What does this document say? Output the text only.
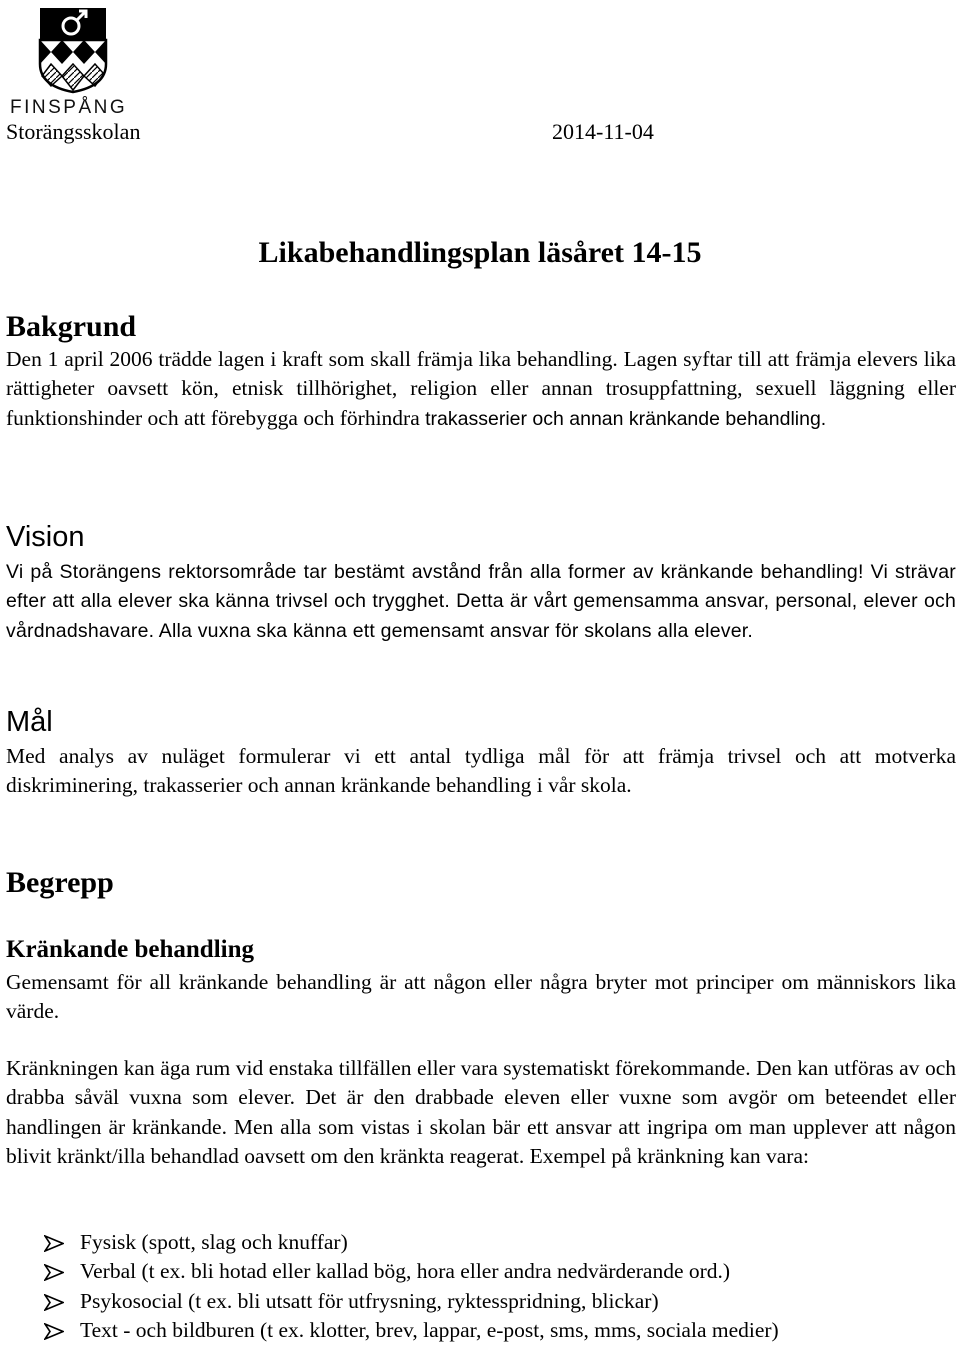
FINSPÅNG
Storängsskolan	2014-11-04
Likabehandlingsplan läsåret 14-15
Bakgrund

Den 1 april 2006 trädde lagen i kraft som skall främja lika behandling. Lagen syftar till att främja elevers lika rättigheter oavsett kön, etnisk tillhörighet, religion eller annan trosuppfattning, sexuell läggning eller funktionshinder och att förebygga och förhindra trakasserier och annan kränkande behandling.

Vision

Vi på Storängens rektorsområde tar bestämt avstånd från alla former av kränkande behandling! Vi strävar efter att alla elever ska känna trivsel och trygghet. Detta är vårt gemensamma ansvar, personal, elever och vårdnadshavare. Alla vuxna ska känna ett gemensamt ansvar för skolans alla elever.

Mål

Med analys av nuläget formulerar vi ett antal tydliga mål för att främja trivsel och att motverka diskriminering, trakasserier och annan kränkande behandling i vår skola.

Begrepp
Kränkande behandling

Gemensamt för all kränkande behandling är att någon eller några bryter mot principer om människors lika värde.

Kränkningen kan äga rum vid enstaka tillfällen eller vara systematiskt förekommande. Den kan utföras av och drabba såväl vuxna som elever. Det är den drabbade eleven eller vuxne som avgör om beteendet eller handlingen är kränkande. Men alla som vistas i skolan bär ett ansvar att ingripa om man upplever att någon blivit kränkt/illa behandlad oavsett om den kränkta reagerat. Exempel på kränkning kan vara:

Fysisk (spott, slag och knuffar)
Verbal (t ex. bli hotad eller kallad bög, hora eller andra nedvärderande ord.)
Psykosocial (t ex. bli utsatt för utfrysning, ryktesspridning, blickar)
Text - och bildburen (t ex. klotter, brev, lappar, e-post, sms, mms, sociala medier)
